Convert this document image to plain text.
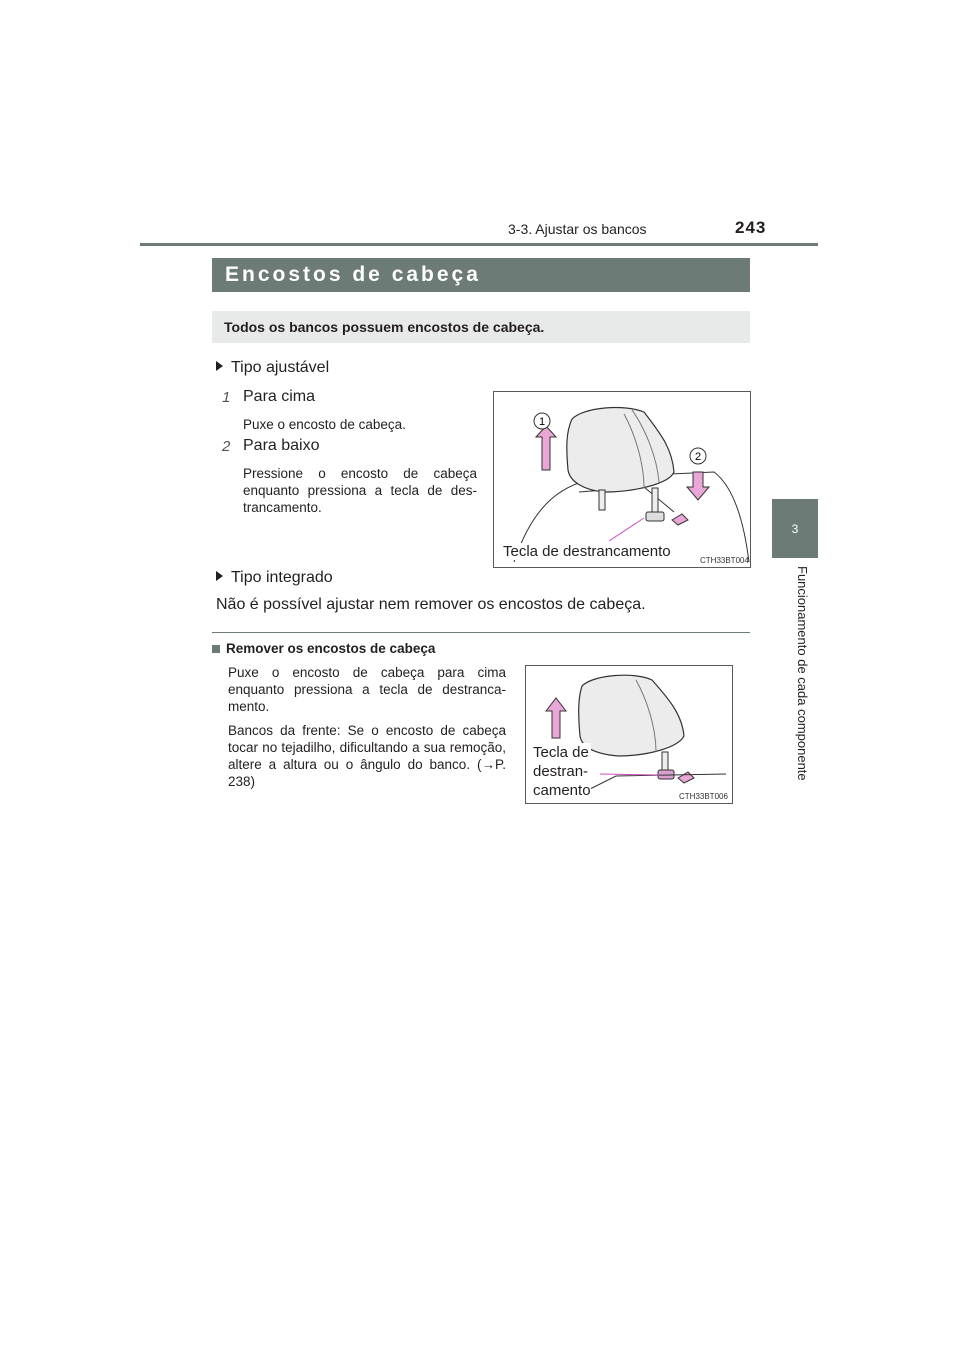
3-3. Ajustar os bancos	243
3
Funcionamento de cada componente
Encostos de cabeça
Todos os bancos possuem encostos de cabeça.
Tipo ajustável
1 Para cima
Puxe o encosto de cabeça.
2 Para baixo
Pressione o encosto de cabeça enquanto pressiona a tecla de des-trancamento.
1
2
Tecla de destrancamento
CTH33BT004
Tipo integrado
Não é possível ajustar nem remover os encostos de cabeça.
Remover os encostos de cabeça
Puxe o encosto de cabeça para cima enquanto pressiona a tecla de destranca-mento.
Bancos da frente: Se o encosto de cabeça tocar no tejadilho, dificultando a sua remoção, altere a altura ou o ângulo do banco. (→P. 238)
Tecla de
destran-
camento	CTH33BT006
